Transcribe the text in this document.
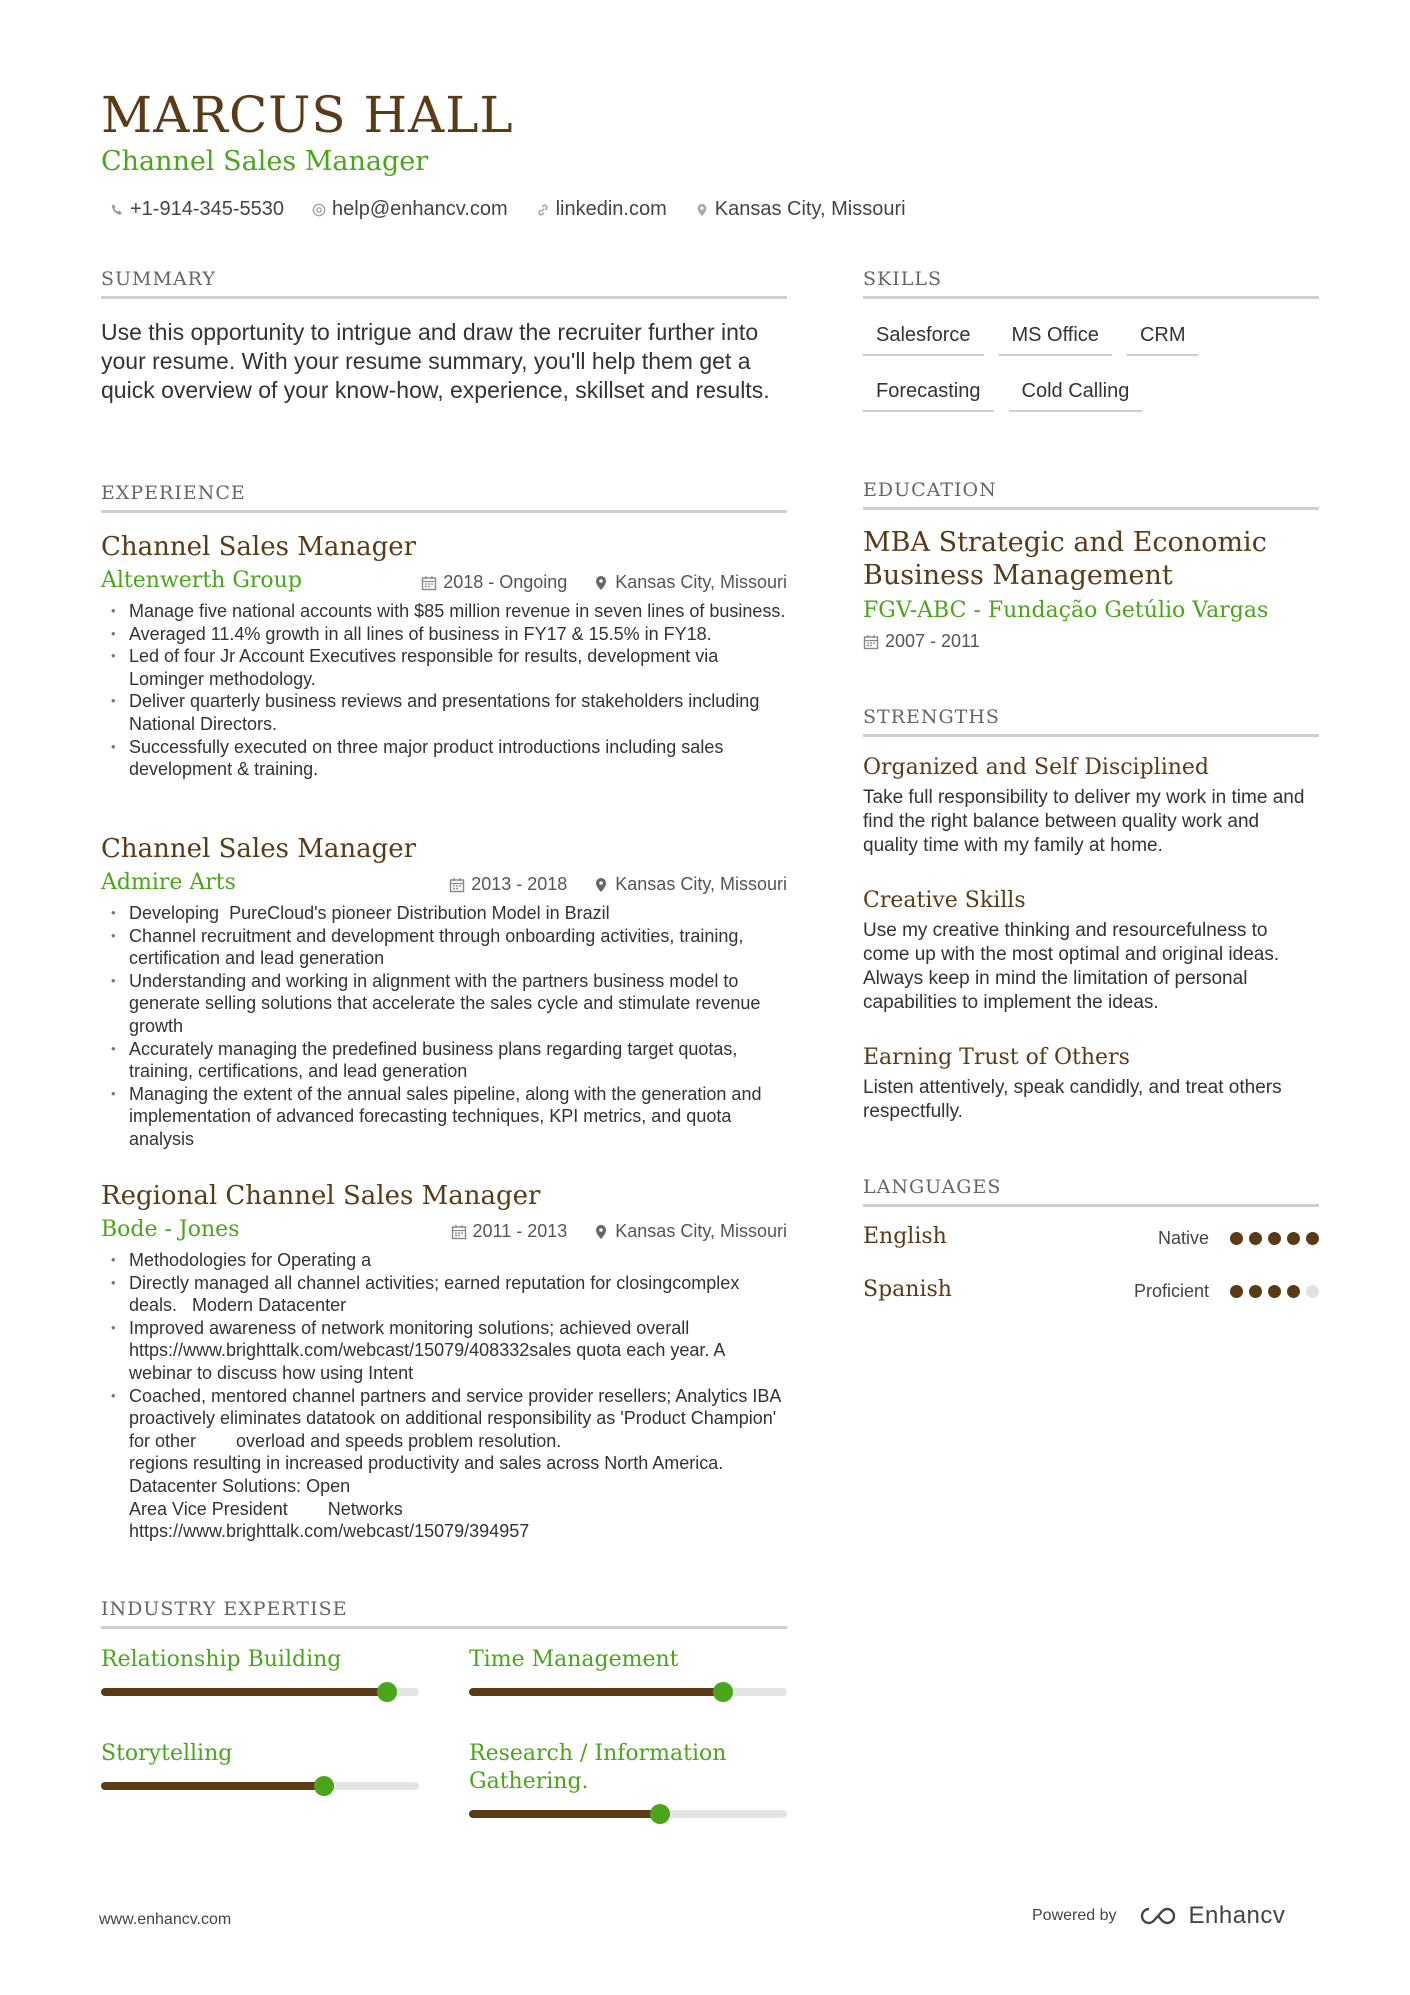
MARCUS HALL
Channel Sales Manager
+1-914-345-5530 help@enhancv.com linkedin.com Kansas City, Missouri
SUMMARY
Use this opportunity to intrigue and draw the recruiter further into your resume. With your resume summary, you'll help them get a quick overview of your know-how, experience, skillset and results.
EXPERIENCE
Channel Sales Manager
Altenwerth Group	2018 - Ongoing	Kansas City, Missouri
• Manage five national accounts with $85 million revenue in seven lines of business.
• Averaged 11.4% growth in all lines of business in FY17 & 15.5% in FY18.
• Led of four Jr Account Executives responsible for results, development via Lominger methodology.
• Deliver quarterly business reviews and presentations for stakeholders including National Directors.
• Successfully executed on three major product introductions including sales development & training.
Channel Sales Manager
Admire Arts	2013 - 2018	Kansas City, Missouri
• Developing  PureCloud's pioneer Distribution Model in Brazil
• Channel recruitment and development through onboarding activities, training, certification and lead generation
• Understanding and working in alignment with the partners business model to generate selling solutions that accelerate the sales cycle and stimulate revenue growth
• Accurately managing the predefined business plans regarding target quotas, training, certifications, and lead generation
• Managing the extent of the annual sales pipeline, along with the generation and implementation of advanced forecasting techniques, KPI metrics, and quota analysis
Regional Channel Sales Manager
Bode - Jones	2011 - 2013	Kansas City, Missouri
• Methodologies for Operating a
• Directly managed all channel activities; earned reputation for closingcomplex deals.   Modern Datacenter
• Improved awareness of network monitoring solutions; achieved overall https://www.brighttalk.com/webcast/15079/408332sales quota each year. A webinar to discuss how using Intent
• Coached, mentored channel partners and service provider resellers; Analytics IBA proactively eliminates datatook on additional responsibility as 'Product Champion' for other        overload and speeds problem resolution.
regions resulting in increased productivity and sales across North America.  Datacenter Solutions: Open
Area Vice President        Networks
https://www.brighttalk.com/webcast/15079/394957
INDUSTRY EXPERTISE
Relationship Building	Time Management
Storytelling	Research / Information Gathering.
SKILLS
Salesforce	MS Office	CRM
Forecasting	Cold Calling
EDUCATION
MBA Strategic and Economic Business Management
FGV-ABC - Fundação Getúlio Vargas
2007 - 2011
STRENGTHS
Organized and Self Disciplined
Take full responsibility to deliver my work in time and find the right balance between quality work and quality time with my family at home.
Creative Skills
Use my creative thinking and resourcefulness to come up with the most optimal and original ideas. Always keep in mind the limitation of personal capabilities to implement the ideas.
Earning Trust of Others
Listen attentively, speak candidly, and treat others respectfully.
LANGUAGES
English	Native
Spanish	Proficient
www.enhancv.com	Powered by	Enhancv
